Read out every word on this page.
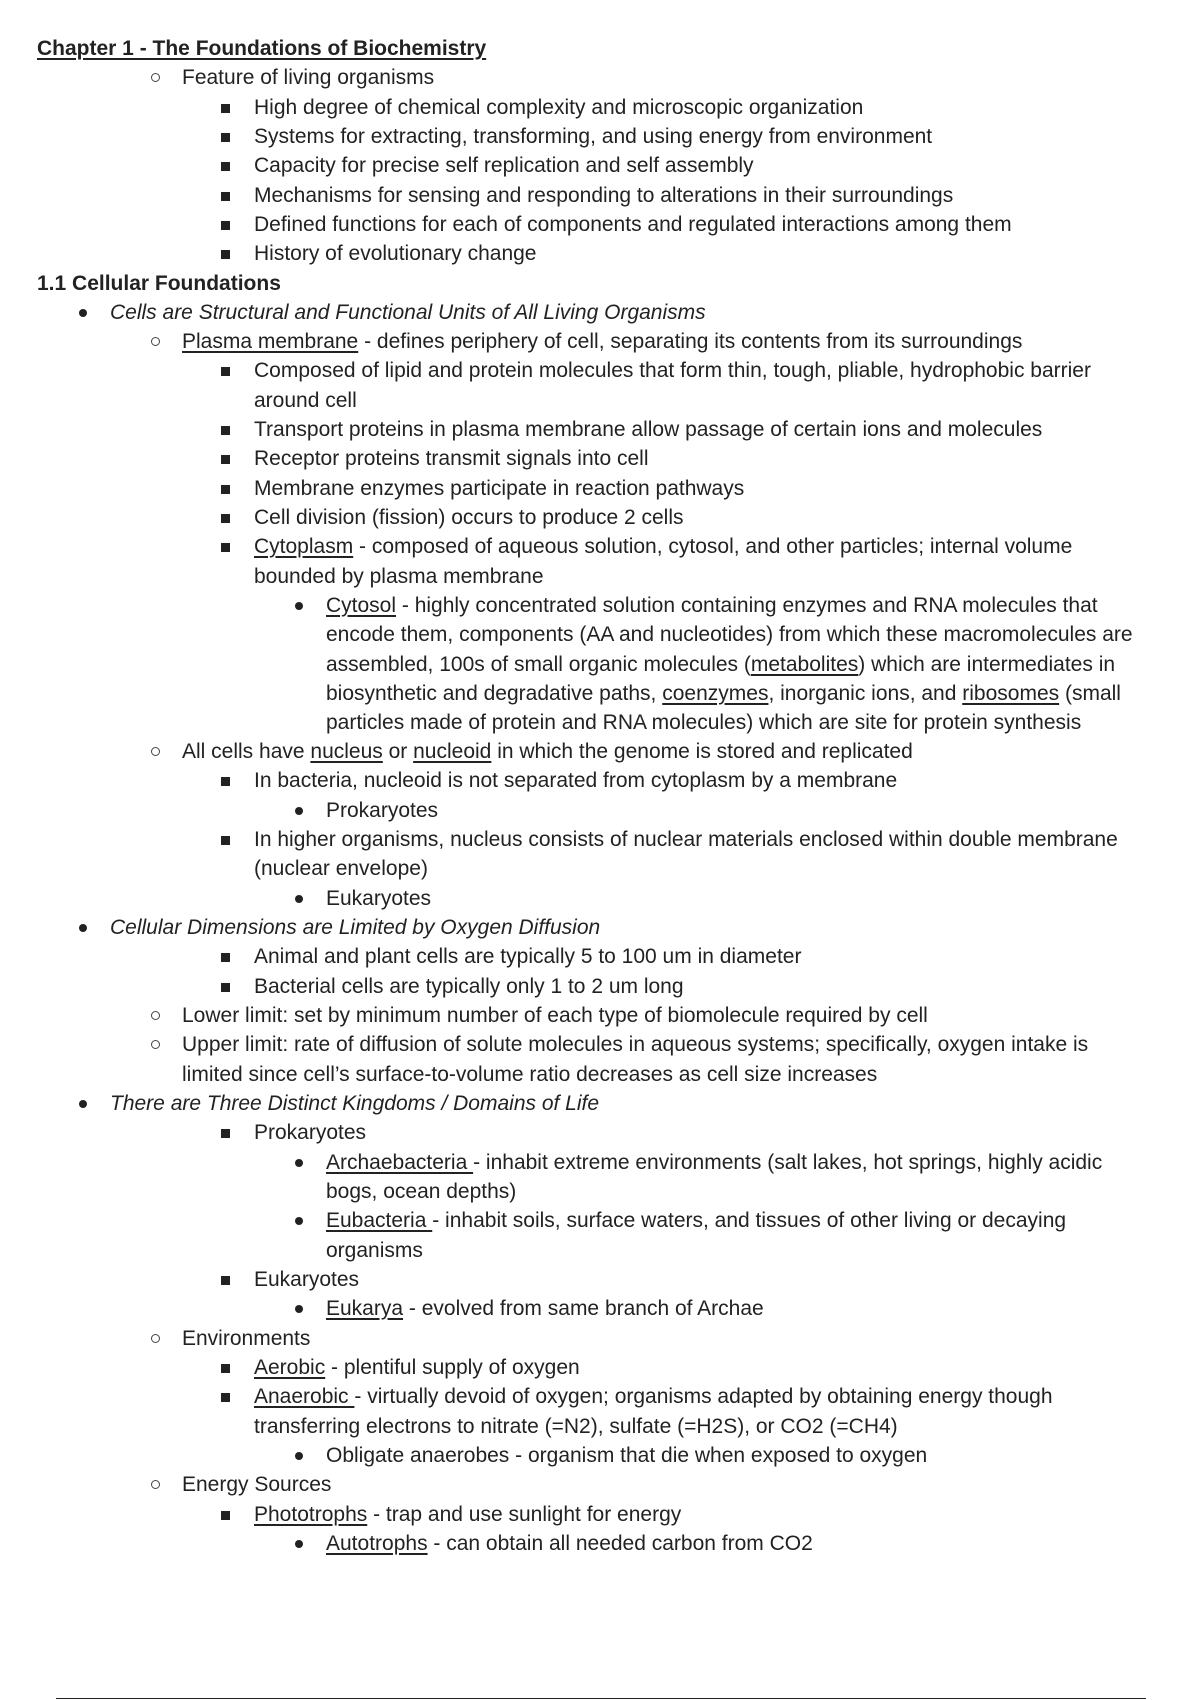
Chapter 1 - The Foundations of Biochemistry
Feature of living organisms
High degree of chemical complexity and microscopic organization
Systems for extracting, transforming, and using energy from environment
Capacity for precise self replication and self assembly
Mechanisms for sensing and responding to alterations in their surroundings
Defined functions for each of components and regulated interactions among them
History of evolutionary change
1.1 Cellular Foundations
Cells are Structural and Functional Units of All Living Organisms
Plasma membrane - defines periphery of cell, separating its contents from its surroundings
Composed of lipid and protein molecules that form thin, tough, pliable, hydrophobic barrier
around cell
Transport proteins in plasma membrane allow passage of certain ions and molecules
Receptor proteins transmit signals into cell
Membrane enzymes participate in reaction pathways
Cell division (fission) occurs to produce 2 cells
Cytoplasm - composed of aqueous solution, cytosol, and other particles; internal volume
bounded by plasma membrane
Cytosol - highly concentrated solution containing enzymes and RNA molecules that
encode them, components (AA and nucleotides) from which these macromolecules are
assembled, 100s of small organic molecules (metabolites) which are intermediates in
biosynthetic and degradative paths, coenzymes, inorganic ions, and ribosomes (small
particles made of protein and RNA molecules) which are site for protein synthesis
All cells have nucleus or nucleoid in which the genome is stored and replicated
In bacteria, nucleoid is not separated from cytoplasm by a membrane
Prokaryotes
In higher organisms, nucleus consists of nuclear materials enclosed within double membrane
(nuclear envelope)
Eukaryotes
Cellular Dimensions are Limited by Oxygen Diffusion
Animal and plant cells are typically 5 to 100 um in diameter
Bacterial cells are typically only 1 to 2 um long
Lower limit: set by minimum number of each type of biomolecule required by cell
Upper limit: rate of diffusion of solute molecules in aqueous systems; specifically, oxygen intake is
limited since cell’s surface-to-volume ratio decreases as cell size increases
There are Three Distinct Kingdoms / Domains of Life
Prokaryotes
Archaebacteria - inhabit extreme environments (salt lakes, hot springs, highly acidic
bogs, ocean depths)
Eubacteria - inhabit soils, surface waters, and tissues of other living or decaying
organisms
Eukaryotes
Eukarya - evolved from same branch of Archae
Environments
Aerobic - plentiful supply of oxygen
Anaerobic - virtually devoid of oxygen; organisms adapted by obtaining energy though
transferring electrons to nitrate (=N2), sulfate (=H2S), or CO2 (=CH4)
Obligate anaerobes - organism that die when exposed to oxygen
Energy Sources
Phototrophs - trap and use sunlight for energy
Autotrophs - can obtain all needed carbon from CO2
